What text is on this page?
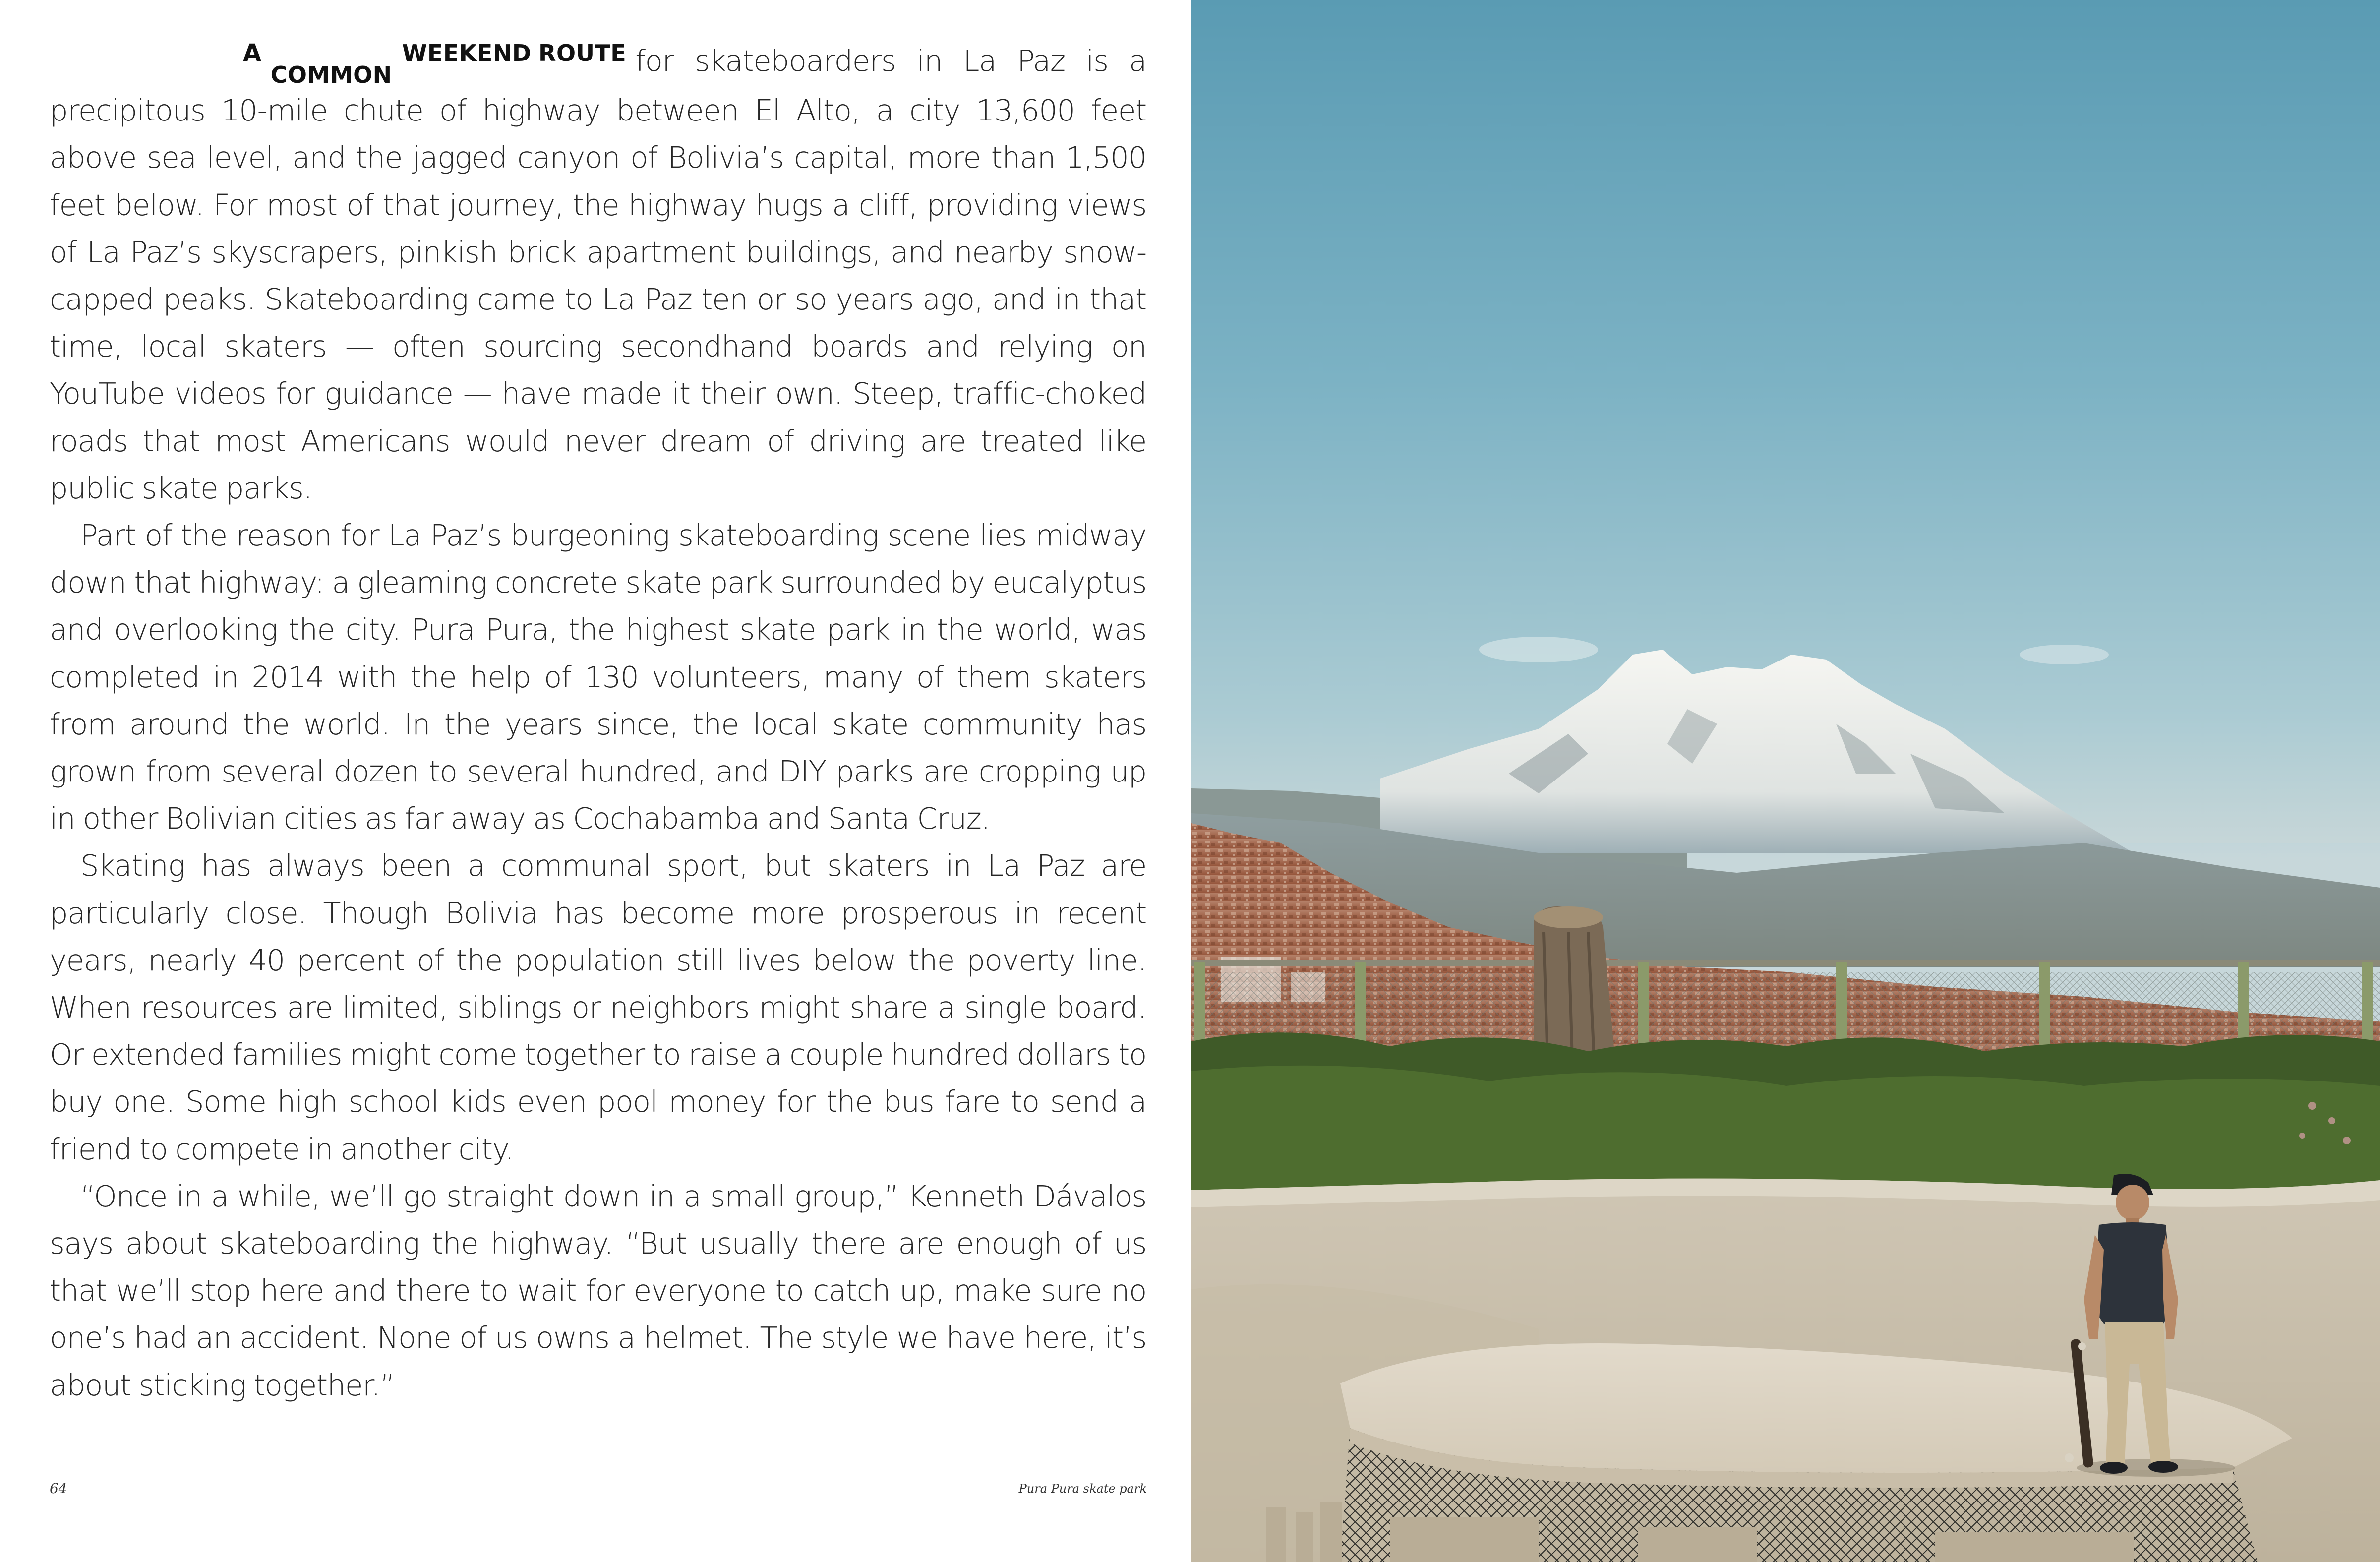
ACOMMONWEEKEND ROUTE for skateboarders in La Paz is a precipitous 10-mile chute of highway between El Alto, a city 13,600 feet above sea level, and the jagged canyon of Bolivia’s capital, more than 1,500 feet below. For most of that journey, the highway hugs a cliff, providing views of La Paz’s skyscrapers, pinkish brick apartment buildings, and nearby snow-capped peaks. Skateboarding came to La Paz ten or so years ago, and in that time, local skaters — often sourcing secondhand boards and relying on YouTube videos for guidance — have made it their own. Steep, traffic-choked roads that most Americans would never dream of driving are treated like public skate parks.

Part of the reason for La Paz’s burgeoning skateboarding scene lies midway down that highway: a gleaming concrete skate park surrounded by eucalyptus and overlooking the city. Pura Pura, the highest skate park in the world, was completed in 2014 with the help of 130 volunteers, many of them skaters from around the world. In the years since, the local skate community has grown from several dozen to several hundred, and DIY parks are cropping up in other Bolivian cities as far away as Cochabamba and Santa Cruz.

Skating has always been a communal sport, but skaters in La Paz are particularly close. Though Bolivia has become more prosperous in recent years, nearly 40 percent of the population still lives below the poverty line. When resources are limited, siblings or neighbors might share a single board. Or extended families might come together to raise a couple hundred dollars to buy one. Some high school kids even pool money for the bus fare to send a friend to compete in another city.

“Once in a while, we’ll go straight down in a small group,” Kenneth Dávalos says about skateboarding the highway. “But usually there are enough of us that we’ll stop here and there to wait for everyone to catch up, make sure no one’s had an accident. None of us owns a helmet. The style we have here, it’s about sticking together.”

64	Pura Pura skate park
